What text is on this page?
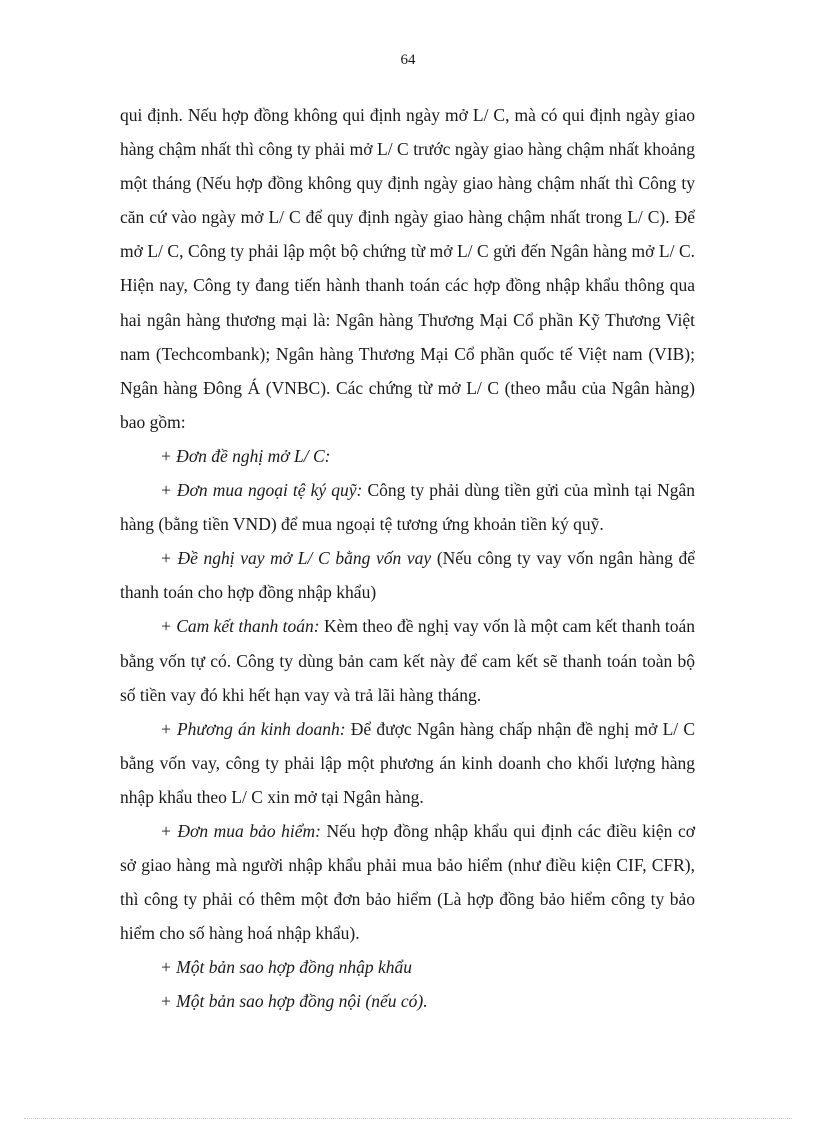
64

qui định. Nếu hợp đồng không qui định ngày mở L/ C, mà có qui định ngày giao hàng chậm nhất thì công ty phải mở L/ C trước ngày giao hàng chậm nhất khoảng một tháng (Nếu hợp đồng không quy định ngày giao hàng chậm nhất thì Công ty căn cứ vào ngày mở L/ C để quy định ngày giao hàng chậm nhất trong L/ C). Để mở L/ C, Công ty phải lập một bộ chứng từ mở L/ C gửi đến Ngân hàng mở L/ C. Hiện nay, Công ty đang tiến hành thanh toán các hợp đồng nhập khẩu thông qua hai ngân hàng thương mại là: Ngân hàng Thương Mại Cổ phần Kỹ Thương Việt nam (Techcombank); Ngân hàng Thương Mại Cổ phần quốc tế Việt nam (VIB); Ngân hàng Đông Á (VNBC). Các chứng từ mở L/ C (theo mẫu của Ngân hàng) bao gồm:

+ Đơn đề nghị mở L/ C:

+ Đơn mua ngoại tệ ký quỹ: Công ty phải dùng tiền gửi của mình tại Ngân hàng (bằng tiền VND) để mua ngoại tệ tương ứng khoản tiền ký quỹ.

+ Đề nghị vay mở L/ C bằng vốn vay (Nếu công ty vay vốn ngân hàng để thanh toán cho hợp đồng nhập khẩu)

+ Cam kết thanh toán: Kèm theo đề nghị vay vốn là một cam kết thanh toán bằng vốn tự có. Công ty dùng bản cam kết này để cam kết sẽ thanh toán toàn bộ số tiền vay đó khi hết hạn vay và trả lãi hàng tháng.

+ Phương án kinh doanh: Để được Ngân hàng chấp nhận đề nghị mở L/ C bằng vốn vay, công ty phải lập một phương án kinh doanh cho khối lượng hàng nhập khẩu theo L/ C xin mở tại Ngân hàng.

+ Đơn mua bảo hiểm: Nếu hợp đồng nhập khẩu qui định các điều kiện cơ sở giao hàng mà người nhập khẩu phải mua bảo hiểm (như điều kiện CIF, CFR), thì công ty phải có thêm một đơn bảo hiểm (Là hợp đồng bảo hiểm công ty bảo hiểm cho số hàng hoá nhập khẩu).

+ Một bản sao hợp đồng nhập khẩu

+ Một bản sao hợp đồng nội (nếu có).
